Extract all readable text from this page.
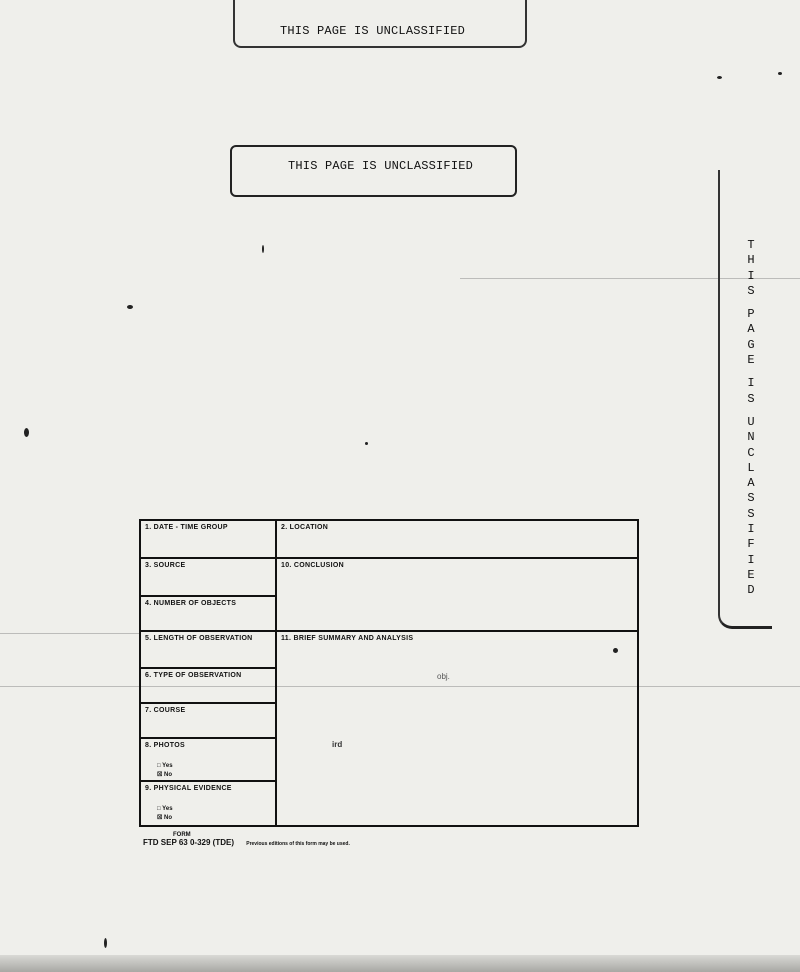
THIS PAGE IS UNCLASSIFIED
THIS PAGE IS UNCLASSIFIED
T
H
I
S
P
A
G
E
I
S
U
N
C
L
A
S
S
I
F
I
E
D
1. DATE - TIME GROUP
3. SOURCE
4. NUMBER OF OBJECTS
5. LENGTH OF OBSERVATION
6. TYPE OF OBSERVATION
7. COURSE
8. PHOTOS
□ Yes
☒ No
9. PHYSICAL EVIDENCE
□ Yes
☒ No
2. LOCATION
10. CONCLUSION
11. BRIEF SUMMARY AND ANALYSIS
obj.
ird
FORM
FTD SEP 63 0-329 (TDE) Previous editions of this form may be used.
